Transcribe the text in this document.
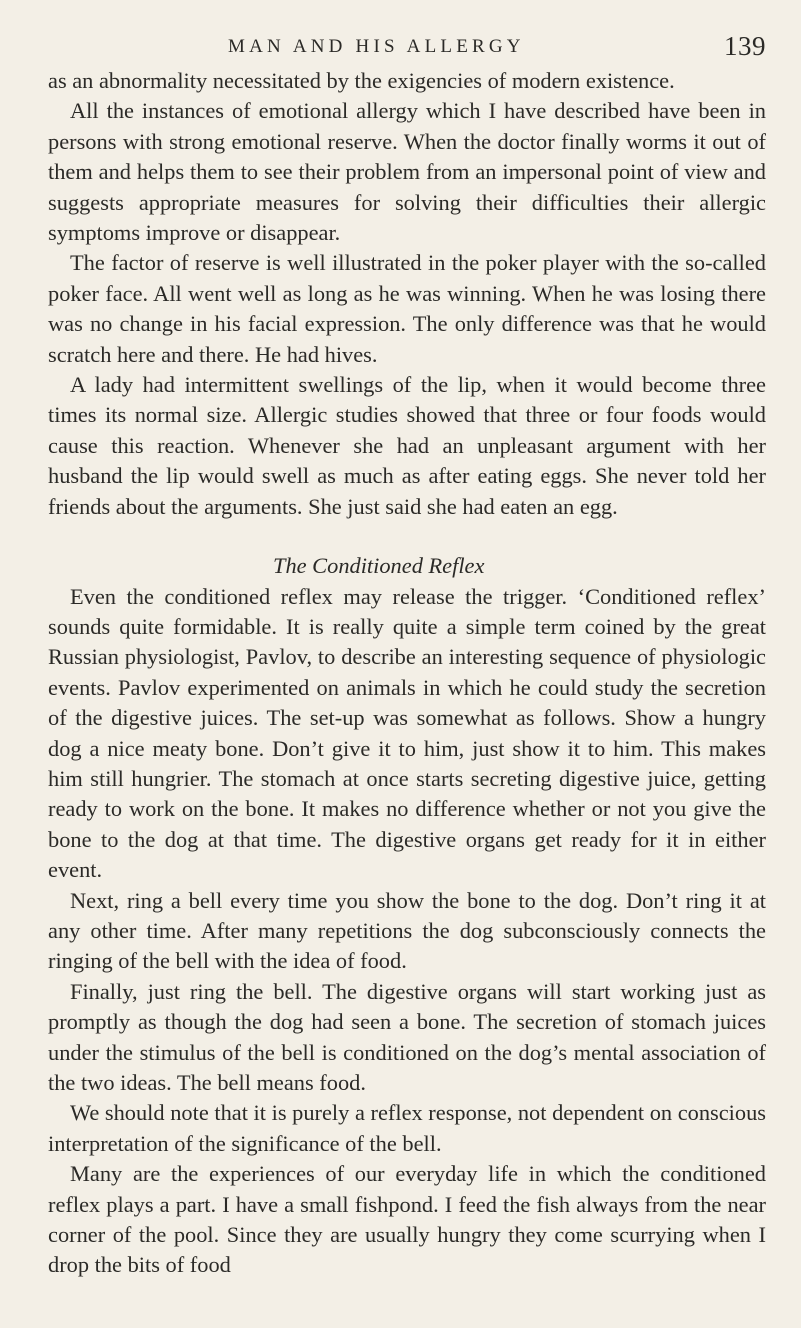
MAN AND HIS ALLERGY	139

as an abnormality necessitated by the exigencies of modern existence.

All the instances of emotional allergy which I have described have been in persons with strong emotional reserve. When the doctor finally worms it out of them and helps them to see their problem from an impersonal point of view and suggests appropriate measures for solving their difficulties their allergic symptoms improve or disappear.

The factor of reserve is well illustrated in the poker player with the so-called poker face. All went well as long as he was winning. When he was losing there was no change in his facial expression. The only difference was that he would scratch here and there. He had hives.

A lady had intermittent swellings of the lip, when it would become three times its normal size. Allergic studies showed that three or four foods would cause this reaction. Whenever she had an unpleasant argument with her husband the lip would swell as much as after eating eggs. She never told her friends about the arguments. She just said she had eaten an egg.

The Conditioned Reflex

Even the conditioned reflex may release the trigger. ‘Conditioned reflex’ sounds quite formidable. It is really quite a simple term coined by the great Russian physiologist, Pavlov, to describe an interesting sequence of physiologic events. Pavlov experimented on animals in which he could study the secretion of the digestive juices. The set-up was somewhat as follows. Show a hungry dog a nice meaty bone. Don’t give it to him, just show it to him. This makes him still hungrier. The stomach at once starts secreting digestive juice, getting ready to work on the bone. It makes no difference whether or not you give the bone to the dog at that time. The digestive organs get ready for it in either event.

Next, ring a bell every time you show the bone to the dog. Don’t ring it at any other time. After many repetitions the dog subconsciously connects the ringing of the bell with the idea of food.

Finally, just ring the bell. The digestive organs will start working just as promptly as though the dog had seen a bone. The secretion of stomach juices under the stimulus of the bell is conditioned on the dog’s mental association of the two ideas. The bell means food.

We should note that it is purely a reflex response, not dependent on conscious interpretation of the significance of the bell.

Many are the experiences of our everyday life in which the conditioned reflex plays a part. I have a small fishpond. I feed the fish always from the near corner of the pool. Since they are usually hungry they come scurrying when I drop the bits of food
